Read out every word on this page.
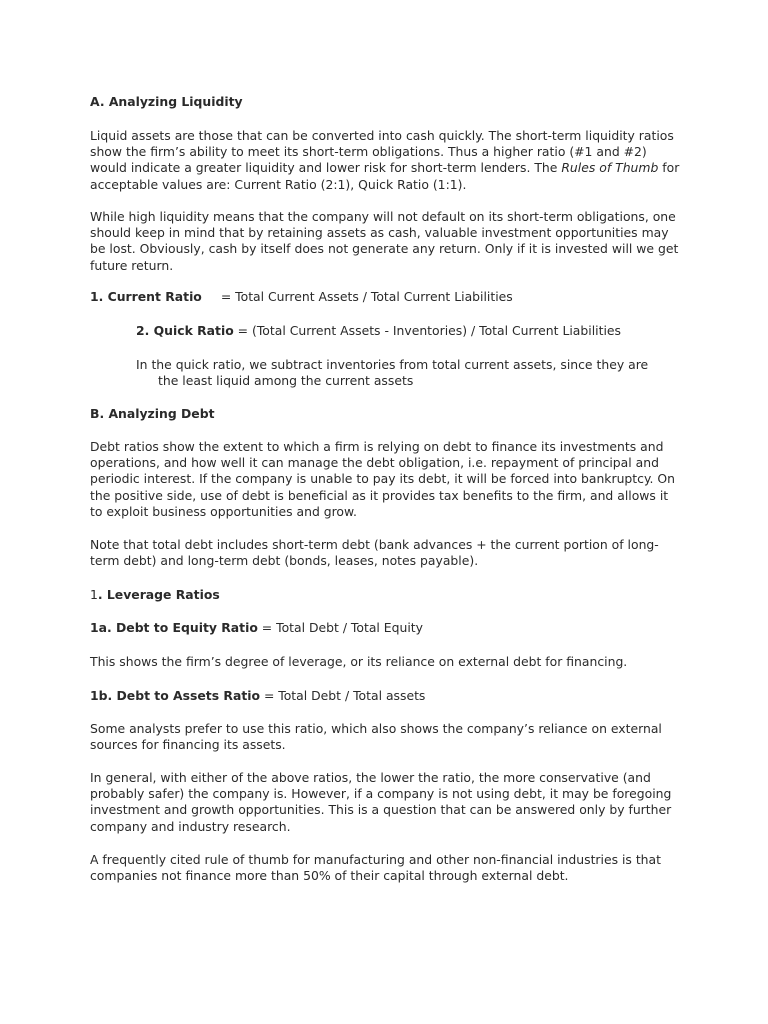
A. Analyzing Liquidity

Liquid assets are those that can be converted into cash quickly. The short-term liquidity ratios show the firm’s ability to meet its short-term obligations. Thus a higher ratio (#1 and #2) would indicate a greater liquidity and lower risk for short-term lenders. The Rules of Thumb for acceptable values are: Current Ratio (2:1), Quick Ratio (1:1).

While high liquidity means that the company will not default on its short-term obligations, one should keep in mind that by retaining assets as cash, valuable investment opportunities may be lost. Obviously, cash by itself does not generate any return. Only if it is invested will we get future return.

1. Current Ratio = Total Current Assets / Total Current Liabilities
2. Quick Ratio = (Total Current Assets - Inventories) / Total Current Liabilities
In the quick ratio, we subtract inventories from total current assets, since they are
the least liquid among the current assets
B. Analyzing Debt

Debt ratios show the extent to which a firm is relying on debt to finance its investments and operations, and how well it can manage the debt obligation, i.e. repayment of principal and periodic interest. If the company is unable to pay its debt, it will be forced into bankruptcy. On the positive side, use of debt is beneficial as it provides tax benefits to the firm, and allows it to exploit business opportunities and grow.

Note that total debt includes short-term debt (bank advances + the current portion of long-term debt) and long-term debt (bonds, leases, notes payable).

1. Leverage Ratios
1a. Debt to Equity Ratio = Total Debt / Total Equity

This shows the firm’s degree of leverage, or its reliance on external debt for financing.

1b. Debt to Assets Ratio = Total Debt / Total assets

Some analysts prefer to use this ratio, which also shows the company’s reliance on external sources for financing its assets.

In general, with either of the above ratios, the lower the ratio, the more conservative (and probably safer) the company is. However, if a company is not using debt, it may be foregoing investment and growth opportunities. This is a question that can be answered only by further company and industry research.

A frequently cited rule of thumb for manufacturing and other non-financial industries is that companies not finance more than 50% of their capital through external debt.
